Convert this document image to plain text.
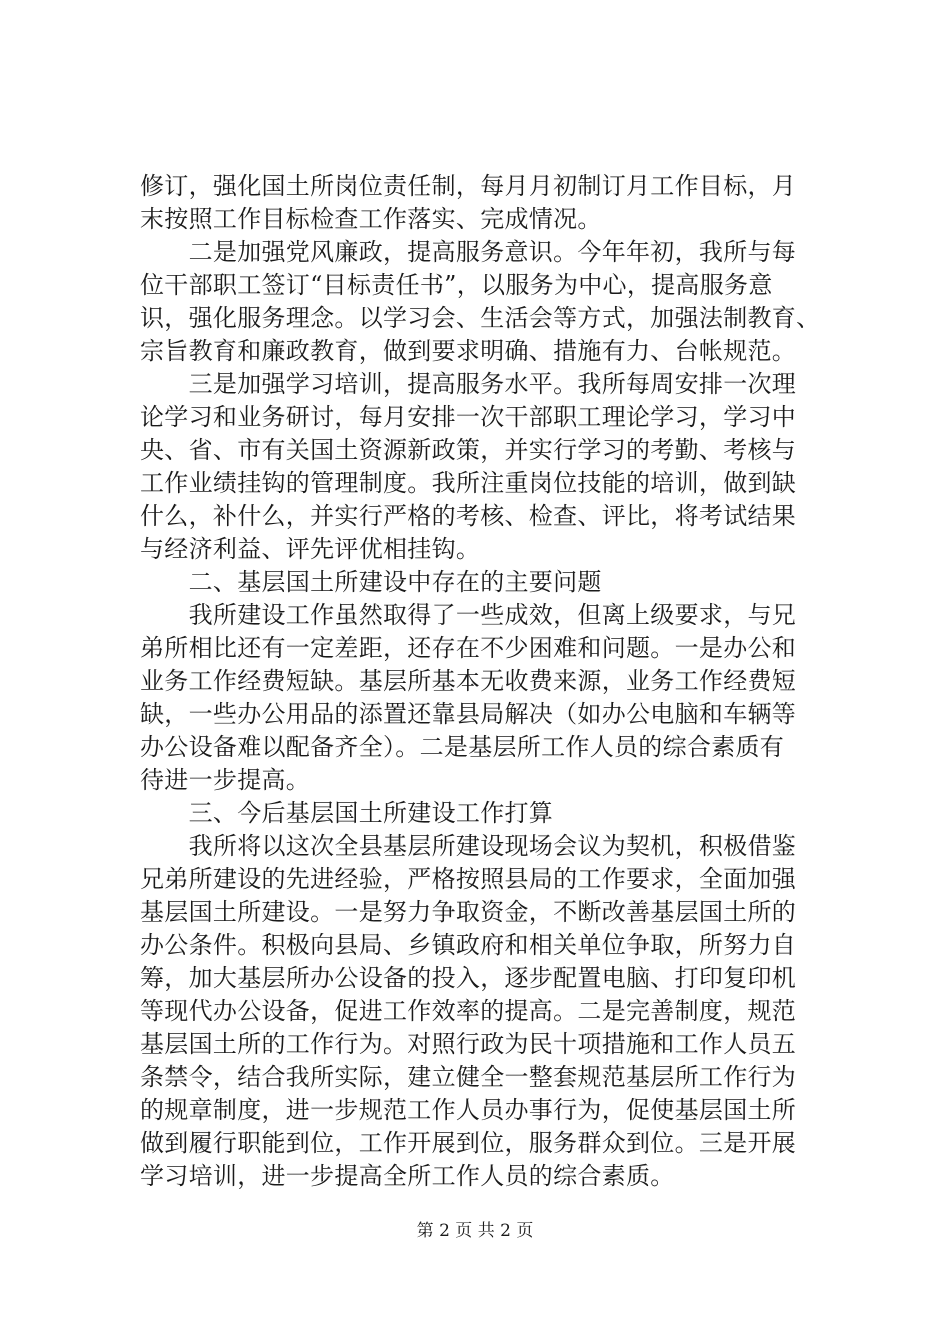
修订，强化国土所岗位责任制，每月月初制订月工作目标，月
末按照工作目标检查工作落实、完成情况。
　　二是加强党风廉政，提高服务意识。今年年初，我所与每
位干部职工签订“目标责任书”，以服务为中心，提高服务意
识，强化服务理念。以学习会、生活会等方式，加强法制教育、
宗旨教育和廉政教育，做到要求明确、措施有力、台帐规范。
　　三是加强学习培训，提高服务水平。我所每周安排一次理
论学习和业务研讨，每月安排一次干部职工理论学习，学习中
央、省、市有关国土资源新政策，并实行学习的考勤、考核与
工作业绩挂钩的管理制度。我所注重岗位技能的培训，做到缺
什么，补什么，并实行严格的考核、检查、评比，将考试结果
与经济利益、评先评优相挂钩。
　　二、基层国土所建设中存在的主要问题
　　我所建设工作虽然取得了一些成效，但离上级要求，与兄
弟所相比还有一定差距，还存在不少困难和问题。一是办公和
业务工作经费短缺。基层所基本无收费来源，业务工作经费短
缺，一些办公用品的添置还靠县局解决（如办公电脑和车辆等
办公设备难以配备齐全）。二是基层所工作人员的综合素质有
待进一步提高。
　　三、今后基层国土所建设工作打算
　　我所将以这次全县基层所建设现场会议为契机，积极借鉴
兄弟所建设的先进经验，严格按照县局的工作要求，全面加强
基层国土所建设。一是努力争取资金，不断改善基层国土所的
办公条件。积极向县局、乡镇政府和相关单位争取，所努力自
筹，加大基层所办公设备的投入，逐步配置电脑、打印复印机
等现代办公设备，促进工作效率的提高。二是完善制度，规范
基层国土所的工作行为。对照行政为民十项措施和工作人员五
条禁令，结合我所实际，建立健全一整套规范基层所工作行为
的规章制度，进一步规范工作人员办事行为，促使基层国土所
做到履行职能到位，工作开展到位，服务群众到位。三是开展
学习培训，进一步提高全所工作人员的综合素质。
第 2 页 共 2 页
